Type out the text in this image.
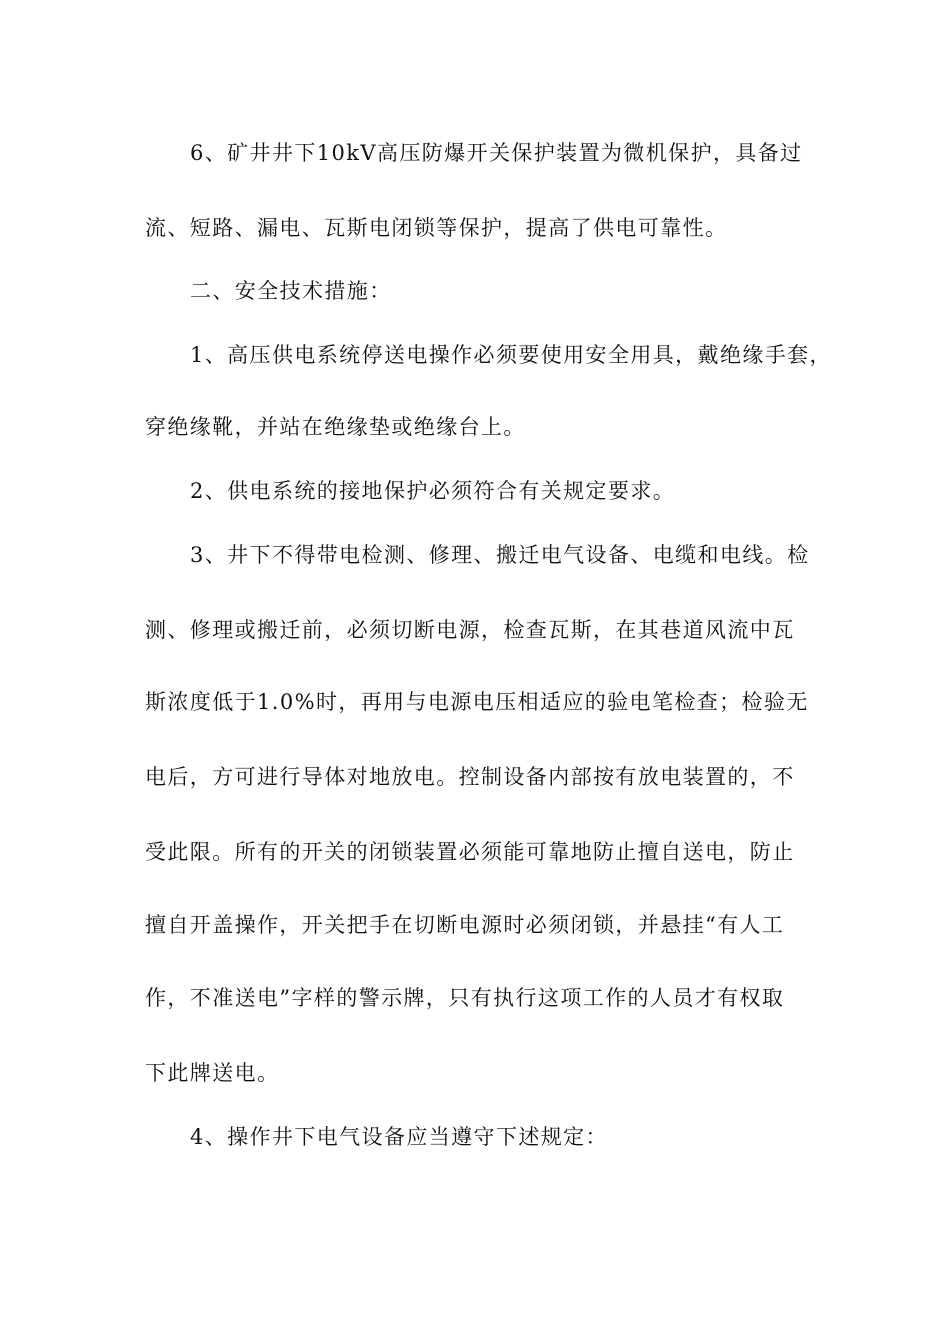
6、矿井井下10kV高压防爆开关保护装置为微机保护，具备过
流、短路、漏电、瓦斯电闭锁等保护，提高了供电可靠性。
二、安全技术措施：
1、高压供电系统停送电操作必须要使用安全用具，戴绝缘手套，
穿绝缘靴，并站在绝缘垫或绝缘台上。
2、供电系统的接地保护必须符合有关规定要求。
3、井下不得带电检测、修理、搬迁电气设备、电缆和电线。检
测、修理或搬迁前，必须切断电源，检查瓦斯，在其巷道风流中瓦
斯浓度低于1.0%时，再用与电源电压相适应的验电笔检查；检验无
电后，方可进行导体对地放电。控制设备内部按有放电装置的，不
受此限。所有的开关的闭锁装置必须能可靠地防止擅自送电，防止
擅自开盖操作，开关把手在切断电源时必须闭锁，并悬挂“有人工
作，不准送电”字样的警示牌，只有执行这项工作的人员才有权取
下此牌送电。
4、操作井下电气设备应当遵守下述规定：
